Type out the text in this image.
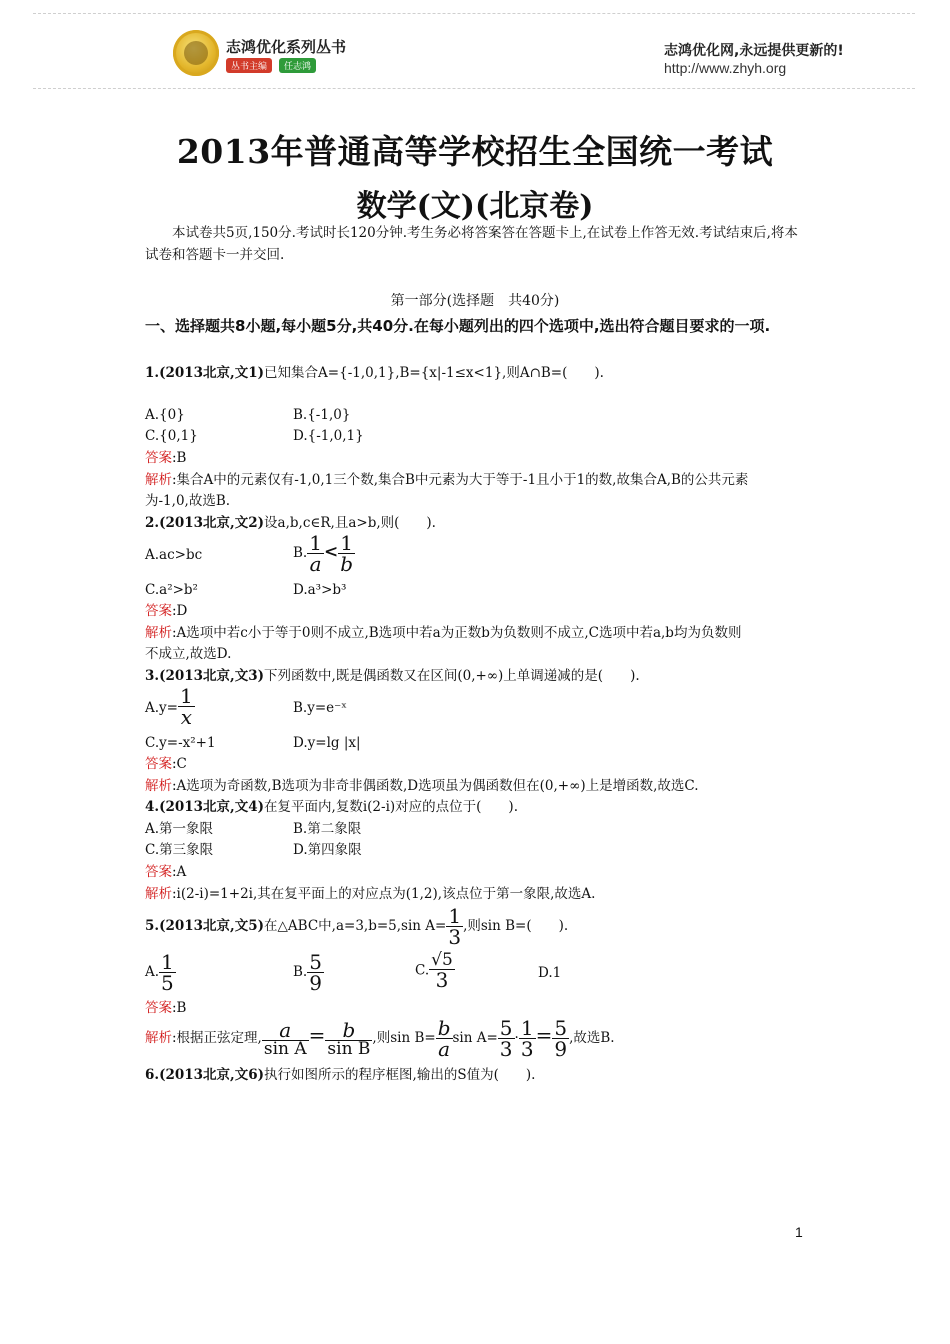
志鸿优化系列丛书
丛书主编	任志鸿
志鸿优化网,永远提供更新的!
http://www.zhyh.org
2013年普通高等学校招生全国统一考试
数学(文)(北京卷)
本试卷共5页,150分.考试时长120分钟.考生务必将答案答在答题卡上,在试卷上作答无效.考试结束后,将本试卷和答题卡一并交回.
第一部分(选择题　共40分)
一、选择题共8小题,每小题5分,共40分.在每小题列出的四个选项中,选出符合题目要求的一项.
1.(2013北京,文1)已知集合A={-1,0,1},B={x|-1≤x<1},则A∩B=(　　).
A.{0}	B.{-1,0}
C.{0,1}	D.{-1,0,1}
答案:B
解析:集合A中的元素仅有-1,0,1三个数,集合B中元素为大于等于-1且小于1的数,故集合A,B的公共元素
为-1,0,故选B.
2.(2013北京,文2)设a,b,c∈R,且a>b,则(　　).
A.ac>bc	B. $\frac{1}{a} < \frac{1}{b}$
C.a²>b²	D.a³>b³
答案:D
解析:A选项中若c小于等于0则不成立,B选项中若a为正数b为负数则不成立,C选项中若a,b均为负数则
不成立,故选D.
3.(2013北京,文3)下列函数中,既是偶函数又在区间(0,+∞)上单调递减的是(　　).
$A.y= \frac{1}{x}$	B.y=e⁻ˣ
C.y=-x²+1	D.y=lg |x|
答案:C
解析:A选项为奇函数,B选项为非奇非偶函数,D选项虽为偶函数但在(0,+∞)上是增函数,故选C.
4.(2013北京,文4)在复平面内,复数i(2-i)对应的点位于(　　).
A.第一象限	B.第二象限
C.第三象限	D.第四象限
答案:A
解析:i(2-i)=1+2i,其在复平面上的对应点为(1,2),该点位于第一象限,故选A.
5.(2013北京,文5)在△ABC中,a=3,b=5,sin $A= \frac{1}{3}$ ,则sin B=(　　).
A. $\frac{1}{5}$	B. $\frac{5}{9}$	C. $\frac{√5}{3}$	D.1
答案:B
解析:根据正弦定理, $\frac{a}{\text{sin A}} = \frac{b}{\text{sin B}}$ ,则$\sin B= \frac{b}{a}$ $\sin A= \frac{5}{3} \cdot \frac{1}{3} = \frac{5}{9}$ ,故选B.
6.(2013北京,文6)执行如图所示的程序框图,输出的S值为(　　).
1
